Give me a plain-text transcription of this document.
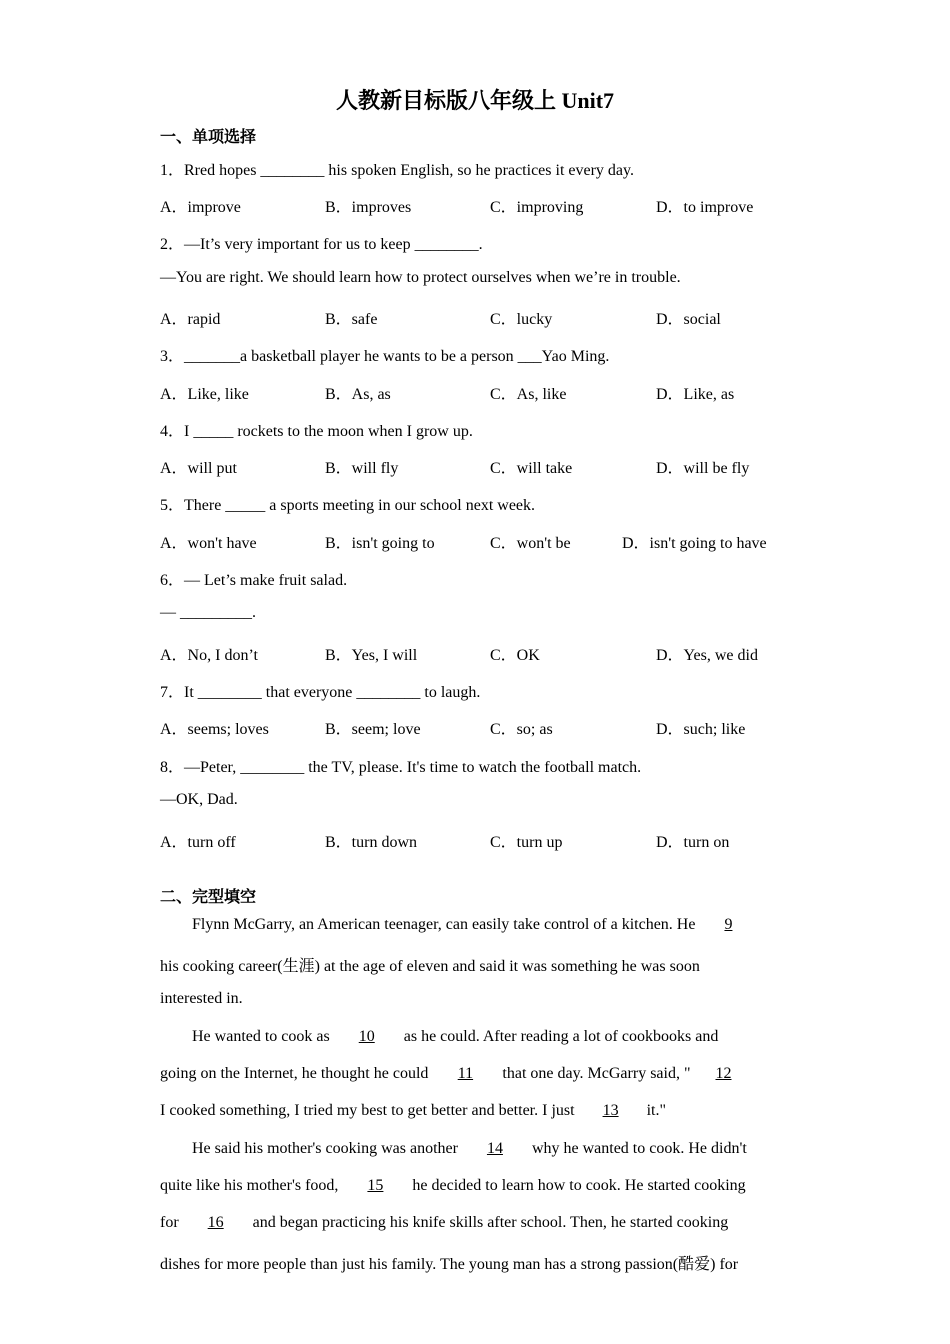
人教新目标版八年级上 Unit7
一、单项选择
1．Rred hopes ________ his spoken English, so he practices it every day.
A．improve	B．improves	C．improving	D．to improve
2．—It’s very important for us to keep ________.
—You are right. We should learn how to protect ourselves when we’re in trouble.
A．rapid	B．safe	C．lucky	D．social
3．_______a basketball player he wants to be a person ___Yao Ming.
A．Like, like	B．As, as	C．As, like	D．Like, as
4．I _____ rockets to the moon when I grow up.
A．will put	B．will fly	C．will take	D．will be fly
5．There _____ a sports meeting in our school next week.
A．won't have	B．isn't going to	C．won't be	D．isn't going to have
6．— Let’s make fruit salad.
— _________.
A．No, I don’t	B．Yes, I will	C．OK	D．Yes, we did
7．It ________ that everyone ________ to laugh.
A．seems; loves	B．seem; love	C．so; as	D．such; like
8．—Peter, ________ the TV, please. It's time to watch the football match.
—OK, Dad.
A．turn off	B．turn down	C．turn up	D．turn on
二、完型填空
Flynn McGarry, an American teenager, can easily take control of a kitchen. He 9
his cooking career(生涯) at the age of eleven and said it was something he was soon
interested in.
He wanted to cook as 10 as he could. After reading a lot of cookbooks and
going on the Internet, he thought he could 11 that one day. McGarry said, " 12
I cooked something, I tried my best to get better and better. I just 13 it."
He said his mother's cooking was another 14 why he wanted to cook. He didn't
quite like his mother's food, 15 he decided to learn how to cook. He started cooking
for 16 and began practicing his knife skills after school. Then, he started cooking
dishes for more people than just his family. The young man has a strong passion(酷爱) for
